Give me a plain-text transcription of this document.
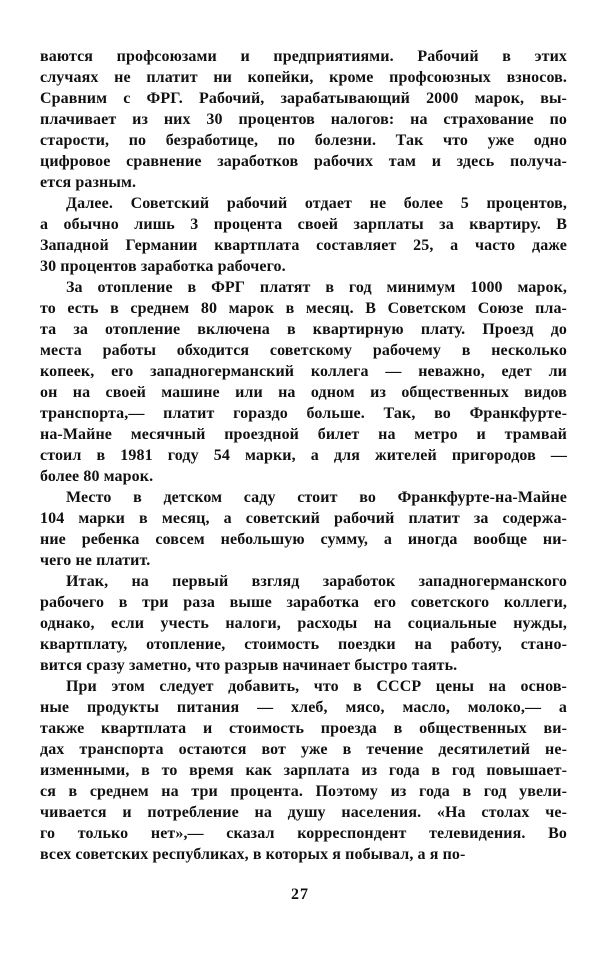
ваются профсоюзами и предприятиями. Рабочий в этих
случаях не платит ни копейки, кроме профсоюзных взносов.
Сравним с ФРГ. Рабочий, зарабатывающий 2000 марок, вы-
плачивает из них 30 процентов налогов: на страхование по
старости, по безработице, по болезни. Так что уже одно
цифровое сравнение заработков рабочих там и здесь получа-
ется разным.
Далее. Советский рабочий отдает не более 5 процентов,
а обычно лишь 3 процента своей зарплаты за квартиру. В
Западной Германии квартплата составляет 25, а часто даже
30 процентов заработка рабочего.
За отопление в ФРГ платят в год минимум 1000 марок,
то есть в среднем 80 марок в месяц. В Советском Союзе пла-
та за отопление включена в квартирную плату. Проезд до
места работы обходится советскому рабочему в несколько
копеек, его западногерманский коллега — неважно, едет ли
он на своей машине или на одном из общественных видов
транспорта,— платит гораздо больше. Так, во Франкфурте-
на-Майне месячный проездной билет на метро и трамвай
стоил в 1981 году 54 марки, а для жителей пригородов —
более 80 марок.
Место в детском саду стоит во Франкфурте-на-Майне
104 марки в месяц, а советский рабочий платит за содержа-
ние ребенка совсем небольшую сумму, а иногда вообще ни-
чего не платит.
Итак, на первый взгляд заработок западногерманского
рабочего в три раза выше заработка его советского коллеги,
однако, если учесть налоги, расходы на социальные нужды,
квартплату, отопление, стоимость поездки на работу, стано-
вится сразу заметно, что разрыв начинает быстро таять.
При этом следует добавить, что в СССР цены на основ-
ные продукты питания — хлеб, мясо, масло, молоко,— а
также квартплата и стоимость проезда в общественных ви-
дах транспорта остаются вот уже в течение десятилетий не-
изменными, в то время как зарплата из года в год повышает-
ся в среднем на три процента. Поэтому из года в год увели-
чивается и потребление на душу населения. «На столах че-
го только нет»,— сказал корреспондент телевидения. Во
всех советских республиках, в которых я побывал, а я по-
27
